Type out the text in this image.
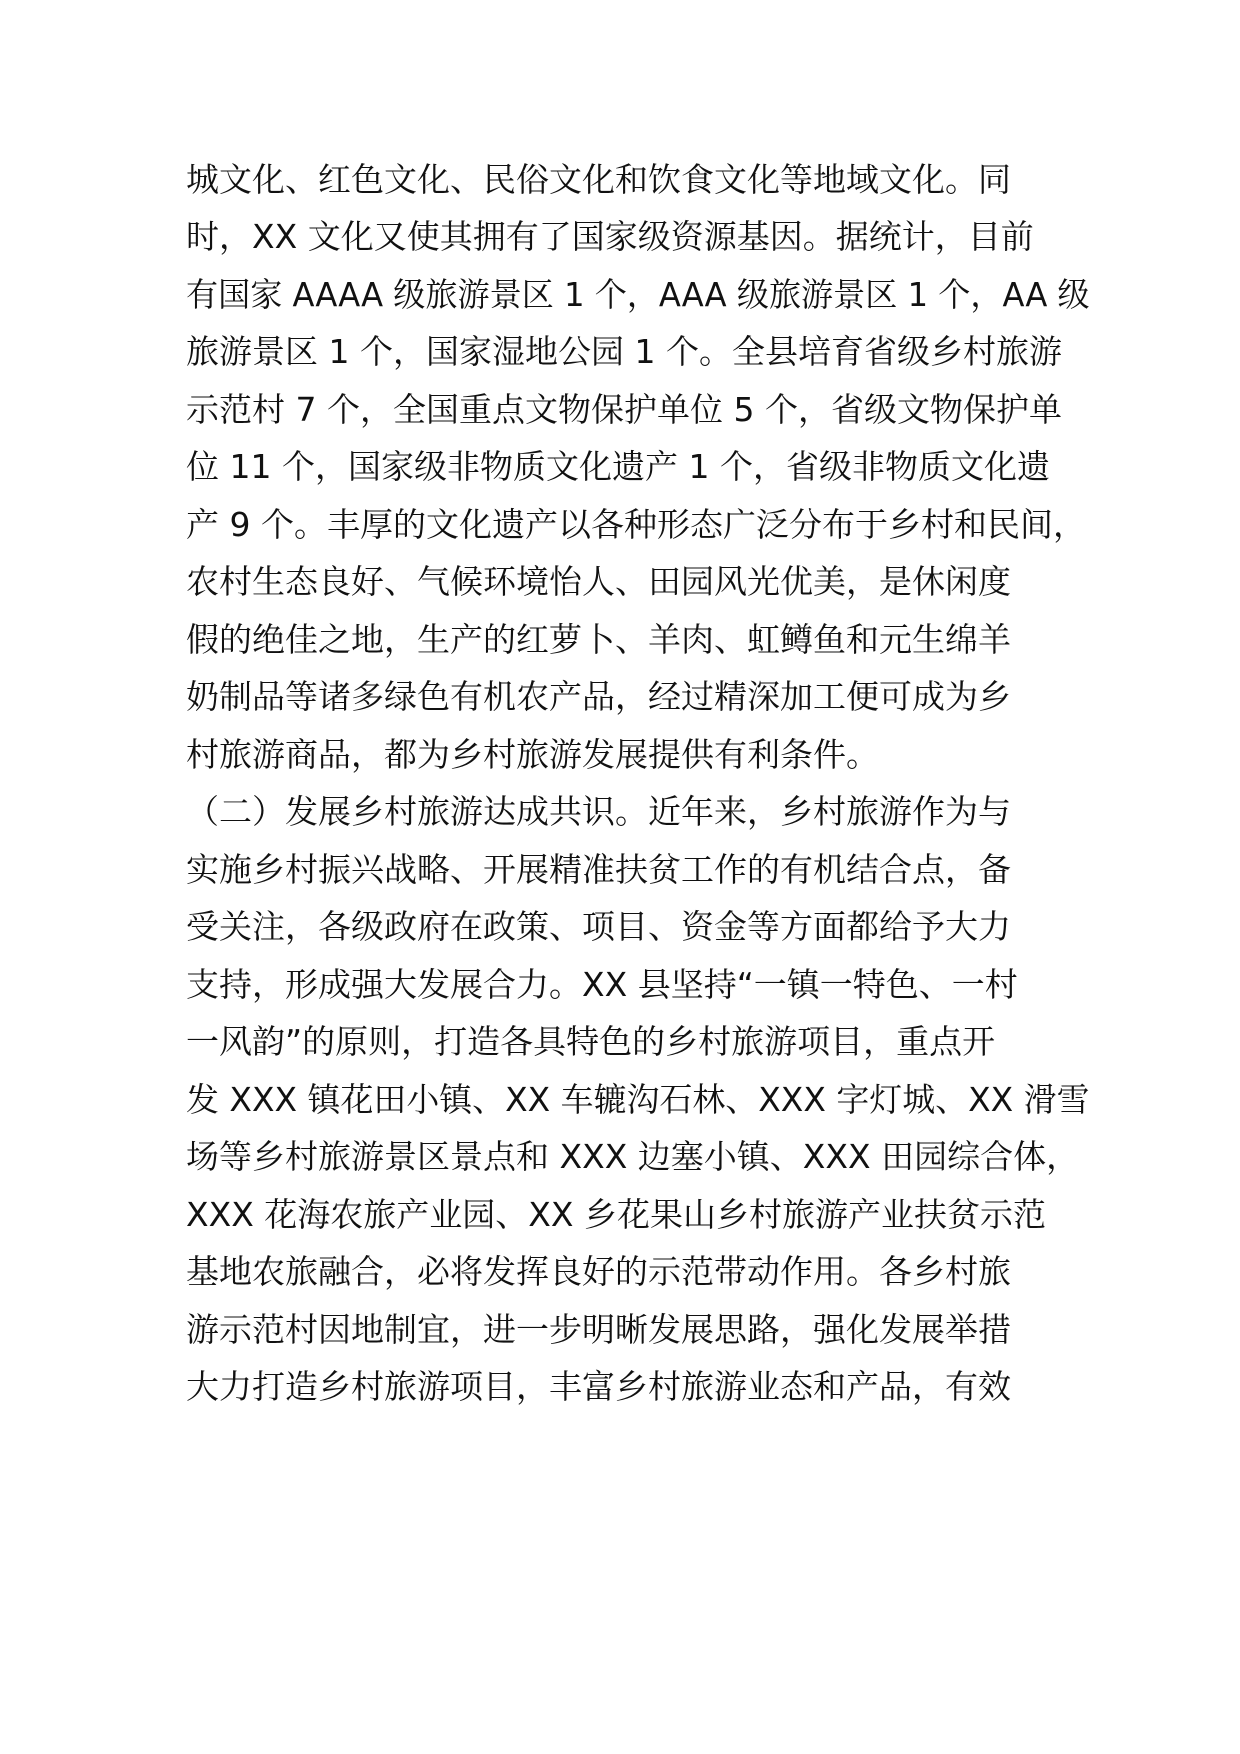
城文化、红色文化、民俗文化和饮食文化等地域文化。同
时，XX 文化又使其拥有了国家级资源基因。据统计，目前
有国家 AAAA 级旅游景区 1 个，AAA 级旅游景区 1 个，AA 级
旅游景区 1 个，国家湿地公园 1 个。全县培育省级乡村旅游
示范村 7 个，全国重点文物保护单位 5 个，省级文物保护单
位 11 个，国家级非物质文化遗产 1 个，省级非物质文化遗
产 9 个。丰厚的文化遗产以各种形态广泛分布于乡村和民间，
农村生态良好、气候环境怡人、田园风光优美，是休闲度
假的绝佳之地，生产的红萝卜、羊肉、虹鳟鱼和元生绵羊
奶制品等诸多绿色有机农产品，经过精深加工便可成为乡
村旅游商品，都为乡村旅游发展提供有利条件。
（二）发展乡村旅游达成共识。近年来，乡村旅游作为与
实施乡村振兴战略、开展精准扶贫工作的有机结合点，备
受关注，各级政府在政策、项目、资金等方面都给予大力
支持，形成强大发展合力。XX 县坚持“一镇一特色、一村
一风韵”的原则，打造各具特色的乡村旅游项目，重点开
发 XXX 镇花田小镇、XX 车辘沟石林、XXX 字灯城、XX 滑雪
场等乡村旅游景区景点和 XXX 边塞小镇、XXX 田园综合体，
XXX 花海农旅产业园、XX 乡花果山乡村旅游产业扶贫示范
基地农旅融合，必将发挥良好的示范带动作用。各乡村旅
游示范村因地制宜，进一步明晰发展思路，强化发展举措
大力打造乡村旅游项目，丰富乡村旅游业态和产品，有效
